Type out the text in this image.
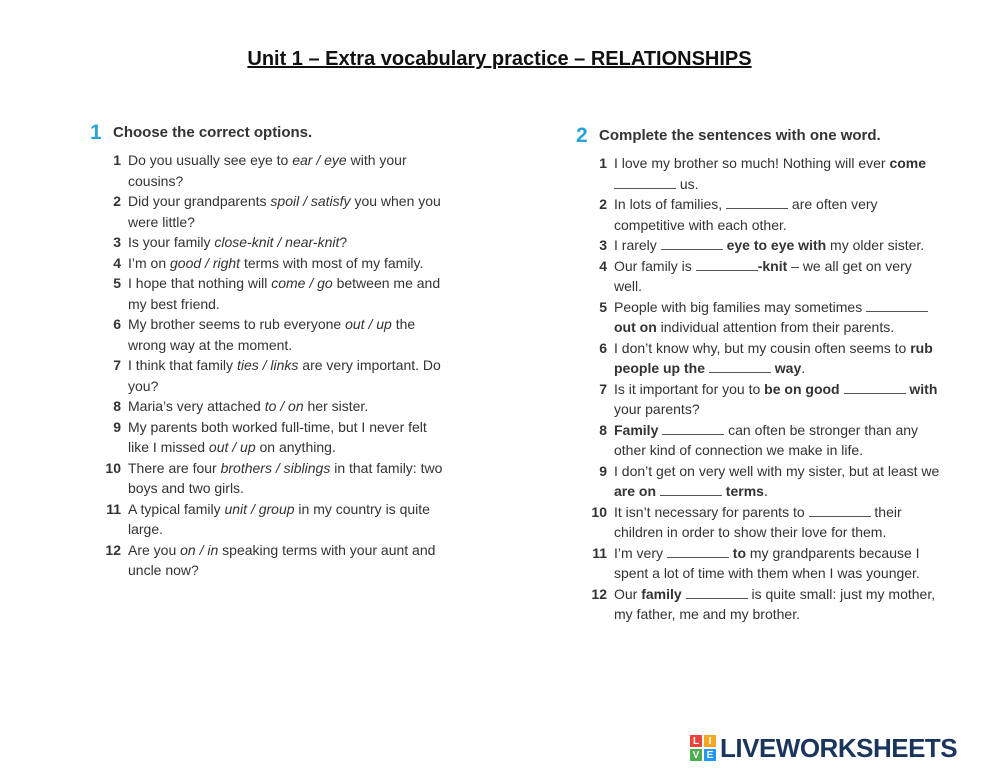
Unit 1 – Extra vocabulary practice – RELATIONSHIPS
1 Choose the correct options.
1 Do you usually see eye to ear / eye with your cousins?
2 Did your grandparents spoil / satisfy you when you were little?
3 Is your family close-knit / near-knit?
4 I’m on good / right terms with most of my family.
5 I hope that nothing will come / go between me and my best friend.
6 My brother seems to rub everyone out / up the wrong way at the moment.
7 I think that family ties / links are very important. Do you?
8 Maria’s very attached to / on her sister.
9 My parents both worked full-time, but I never felt like I missed out / up on anything.
10 There are four brothers / siblings in that family: two boys and two girls.
11 A typical family unit / group in my country is quite large.
12 Are you on / in speaking terms with your aunt and uncle now?
2 Complete the sentences with one word.
1 I love my brother so much! Nothing will ever come  us.
2 In lots of families,	are often very competitive with each other.
3 I rarely	eye to eye with my older sister.
4 Our family is	-knit – we all get on very well.
5 People with big families may sometimes  out on individual attention from their parents.
6 I don’t know why, but my cousin often seems to rub people up the	way.
7 Is it important for you to be on good	with your parents?
8 Family	can often be stronger than any other kind of connection we make in life.
9 I don’t get on very well with my sister, but at least we are on	terms.
10 It isn’t necessary for parents to	their children in order to show their love for them.
11 I’m very	to my grandparents because I spent a lot of time with them when I was younger.
12 Our family	is quite small: just my mother, my father, me and my brother.
L I
V E LIVEWORKSHEETS
